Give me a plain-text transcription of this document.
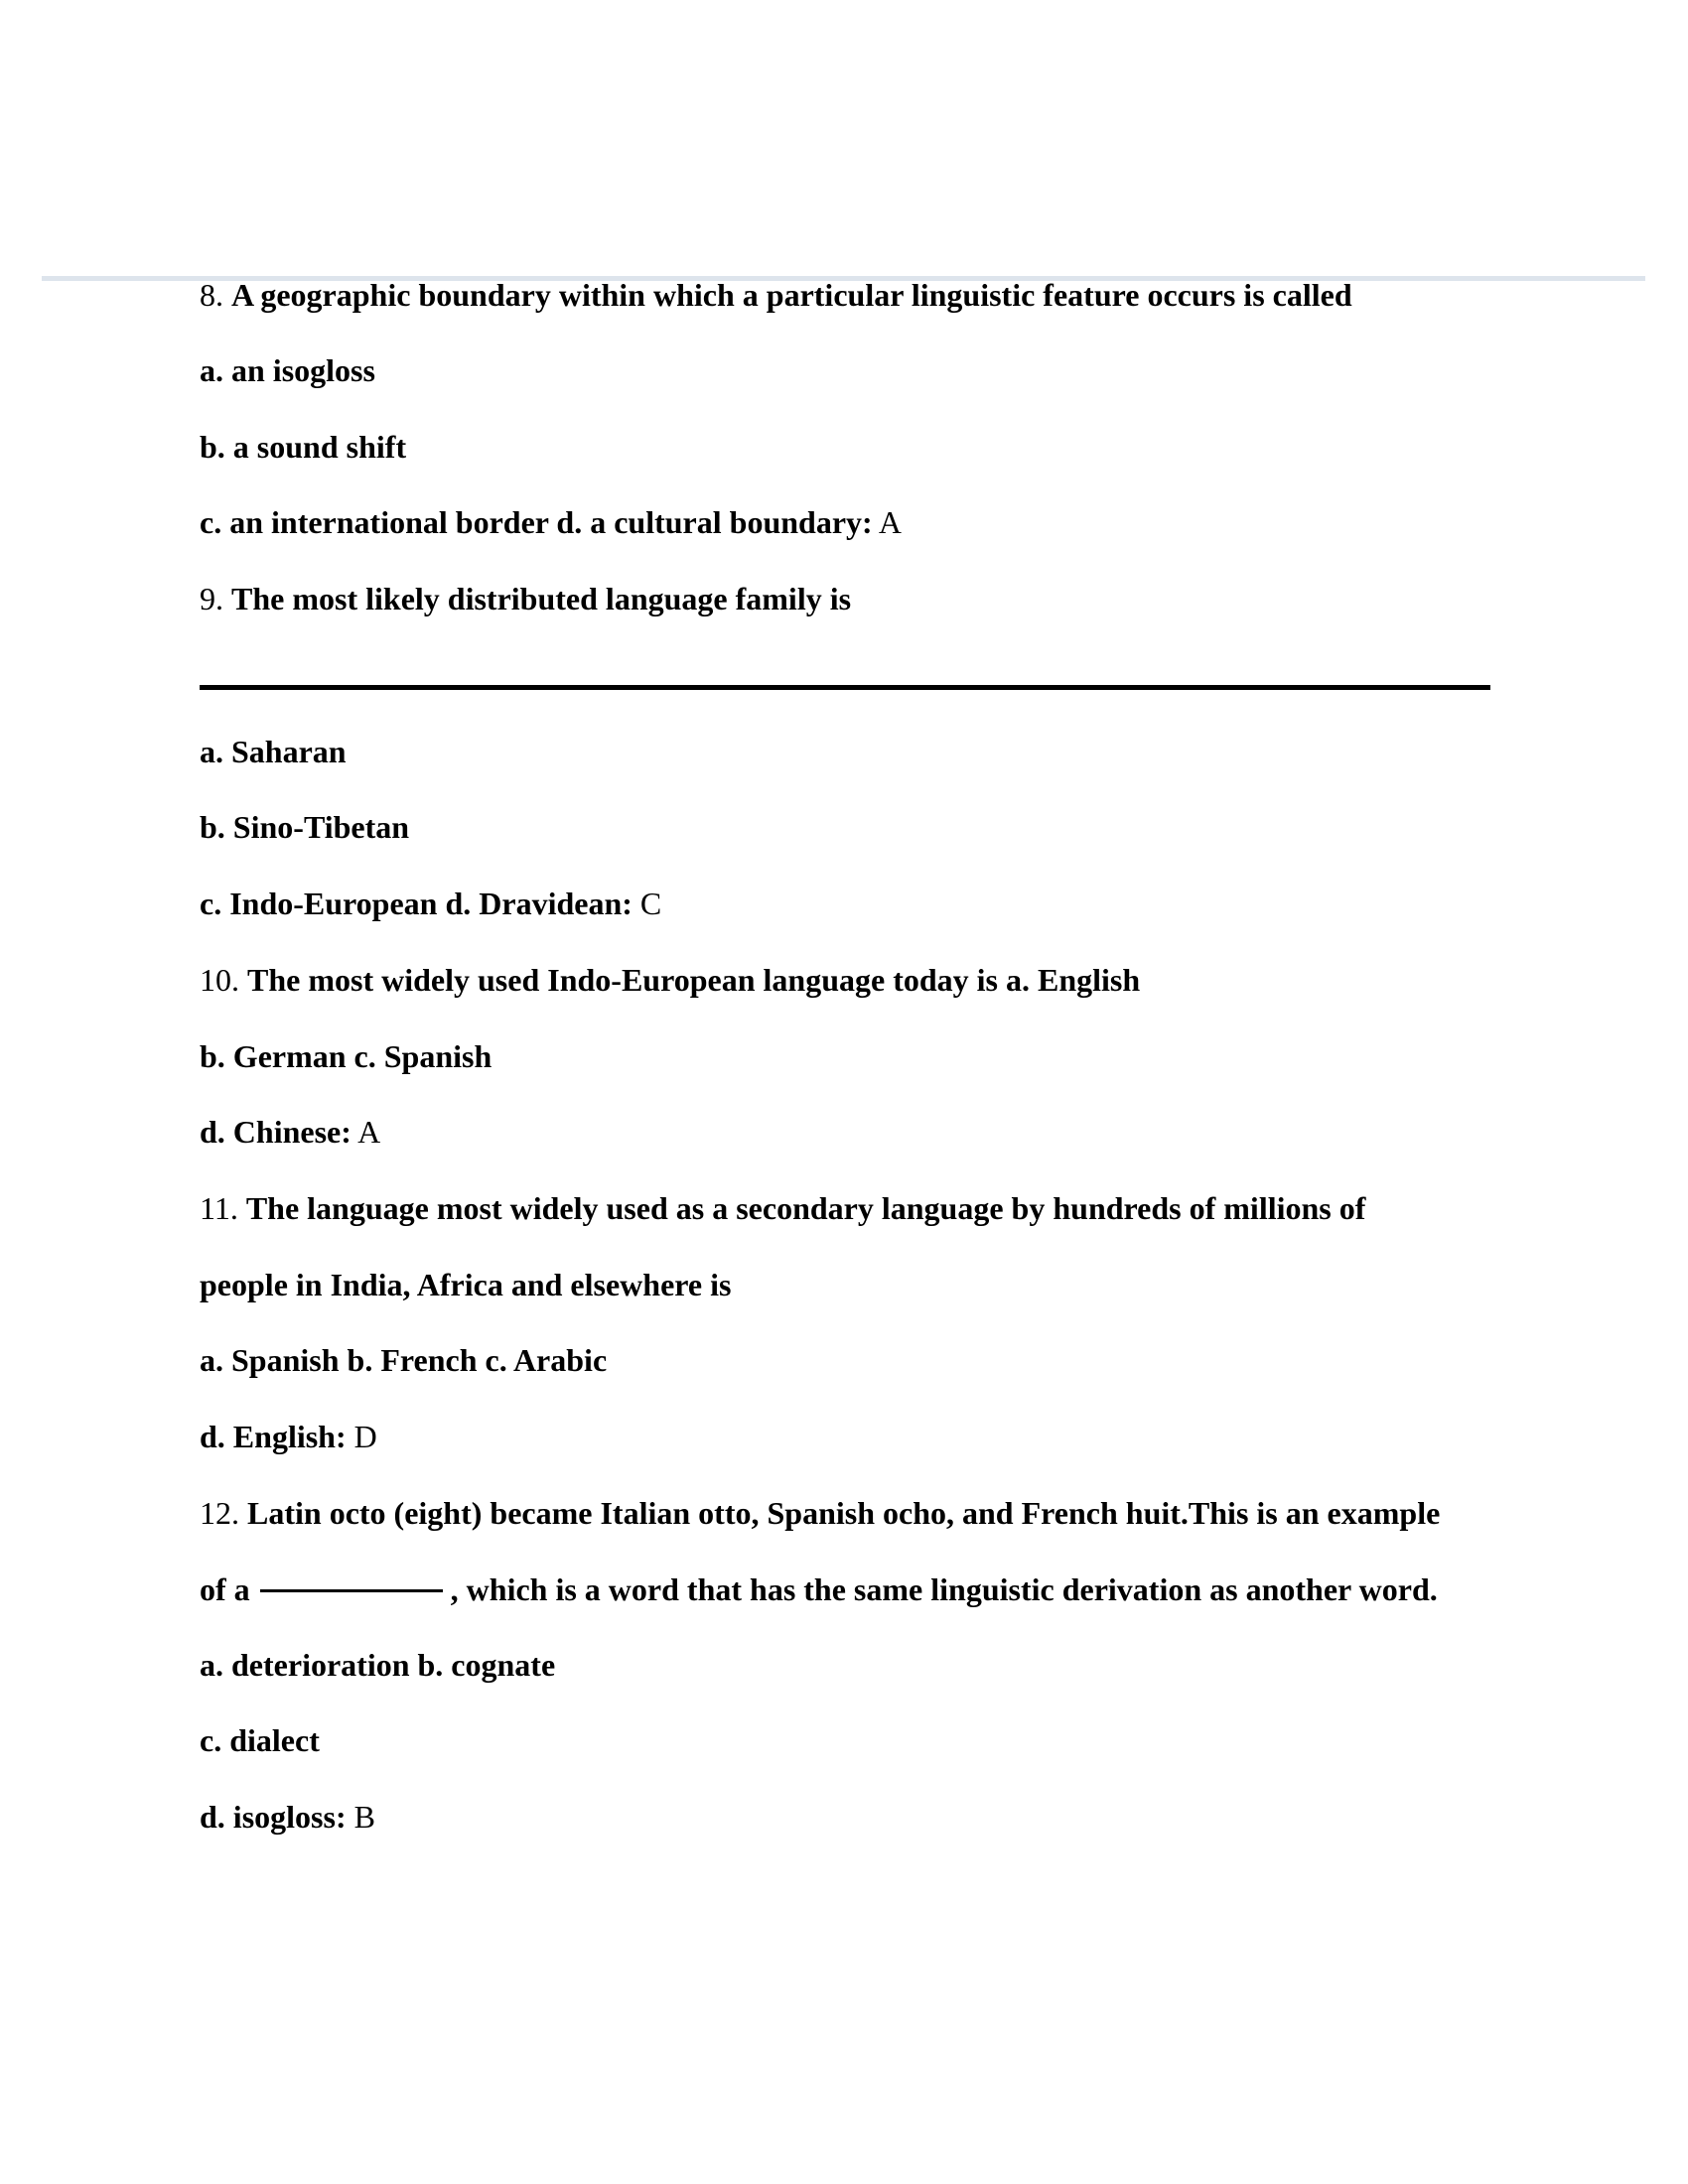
8. A geographic boundary within which a particular linguistic feature occurs is called
a. an isogloss
b. a sound shift
c. an international border d. a cultural boundary: A
9. The most likely distributed language family is
a. Saharan
b. Sino-Tibetan
c. Indo-European d. Dravidean: C
10. The most widely used Indo-European language today is a. English
b. German c. Spanish
d. Chinese: A
11. The language most widely used as a secondary language by hundreds of millions of
people in India, Africa and elsewhere is
a. Spanish b. French c. Arabic
d. English: D
12. Latin octo (eight) became Italian otto, Spanish ocho, and French huit.This is an example
of a	, which is a word that has the same linguistic derivation as another word.
a. deterioration b. cognate
c. dialect
d. isogloss: B
